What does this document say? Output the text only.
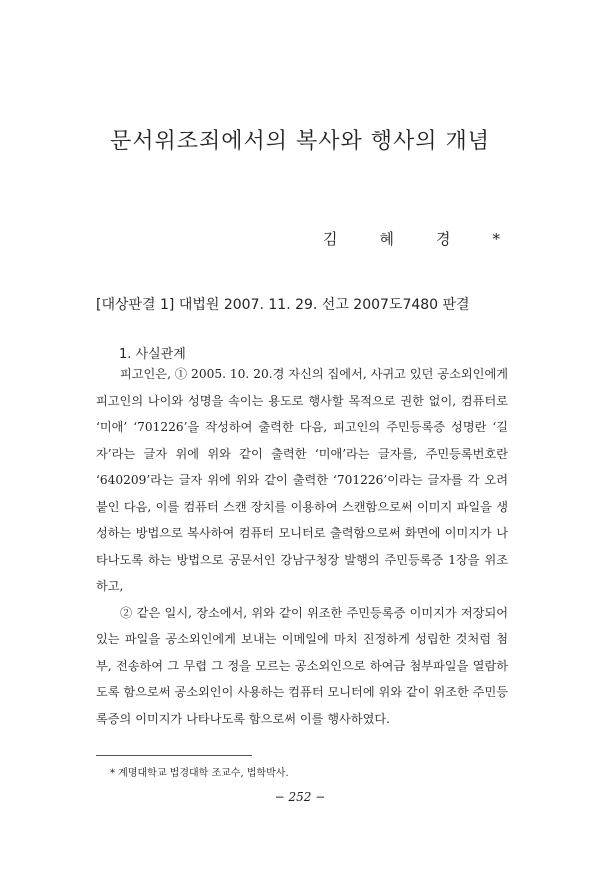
문서위조죄에서의 복사와 행사의 개념
김혜경*
[대상판결 1] 대법원 2007. 11. 29. 선고 2007도7480 판결
1. 사실관계

피고인은, ① 2005. 10. 20.경 자신의 집에서, 사귀고 있던 공소외인에게 피고인의 나이와 성명을 속이는 용도로 행사할 목적으로 권한 없이, 컴퓨터로 ‘미애’ ‘701226’을 작성하여 출력한 다음, 피고인의 주민등록증 성명란 ‘길자’라는 글자 위에 위와 같이 출력한 ‘미애’라는 글자를, 주민등록번호란 ‘640209’라는 글자 위에 위와 같이 출력한 ‘701226’이라는 글자를 각 오려붙인 다음, 이를 컴퓨터 스캔 장치를 이용하여 스캔함으로써 이미지 파일을 생성하는 방법으로 복사하여 컴퓨터 모니터로 출력함으로써 화면에 이미지가 나타나도록 하는 방법으로 공문서인 강남구청장 발행의 주민등록증 1장을 위조하고,

② 같은 일시, 장소에서, 위와 같이 위조한 주민등록증 이미지가 저장되어 있는 파일을 공소외인에게 보내는 이메일에 마치 진정하게 성립한 것처럼 첨부, 전송하여 그 무렵 그 정을 모르는 공소외인으로 하여금 첨부파일을 열람하도록 함으로써 공소외인이 사용하는 컴퓨터 모니터에 위와 같이 위조한 주민등록증의 이미지가 나타나도록 함으로써 이를 행사하였다.

* 계명대학교 법경대학 조교수, 법학박사.
− 252 −
